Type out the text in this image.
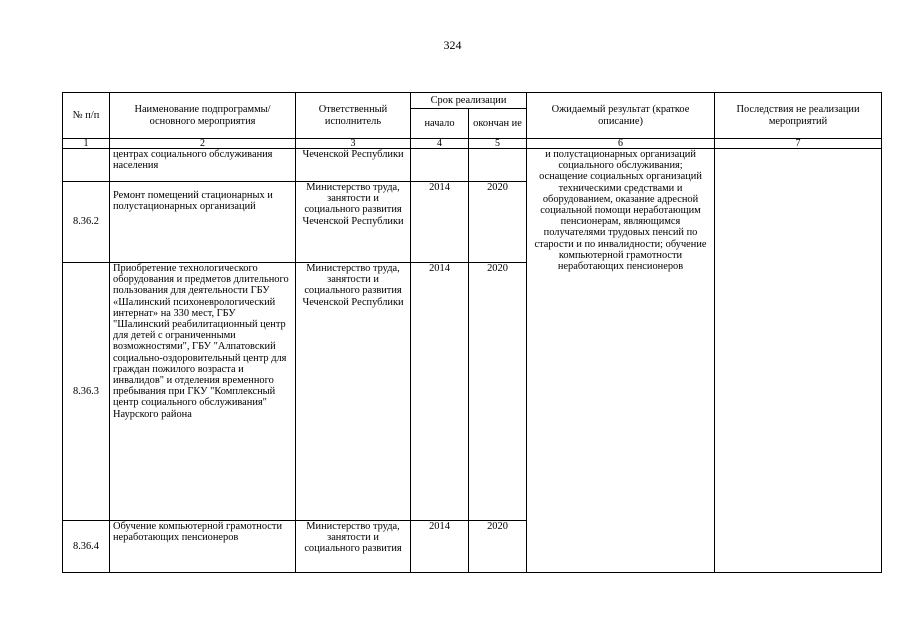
324
№ п/п	Наименование подпрограммы/ основного мероприятия	Ответственный исполнитель	Срок реализации		Ожидаемый результат (краткое описание)	Последствия не реализации мероприятий
			начало	окончан ие		
1	2	3	4	5	6	7
	центрах социального обслуживания населения	Чеченской Республики			и полустационарных организаций социального обслуживания; оснащение социальных организаций техническими средствами и оборудованием, оказание адресной социальной помощи неработающим пенсионерам, являющимся получателями трудовых пенсий по старости и по инвалидности; обучение компьютерной грамотности неработающих пенсионеров	
8.36.2	Ремонт помещений стационарных и полустационарных организаций	Министерство труда, занятости и социального развития Чеченской Республики	2014	2020		
8.36.3	Приобретение технологического оборудования и предметов длительного пользования для деятельности ГБУ «Шалинский психоневрологический интернат» на 330 мест, ГБУ "Шалинский реабилитационный центр для детей с ограниченными возможностями", ГБУ "Алпатовский социально-оздоровительный центр для граждан пожилого возраста и инвалидов" и отделения временного пребывания при ГКУ "Комплексный центр социального обслуживания" Наурского района	Министерство труда, занятости и социального развития Чеченской Республики	2014	2020		
8.36.4	Обучение компьютерной грамотности неработающих пенсионеров	Министерство труда, занятости и социального развития	2014	2020		
